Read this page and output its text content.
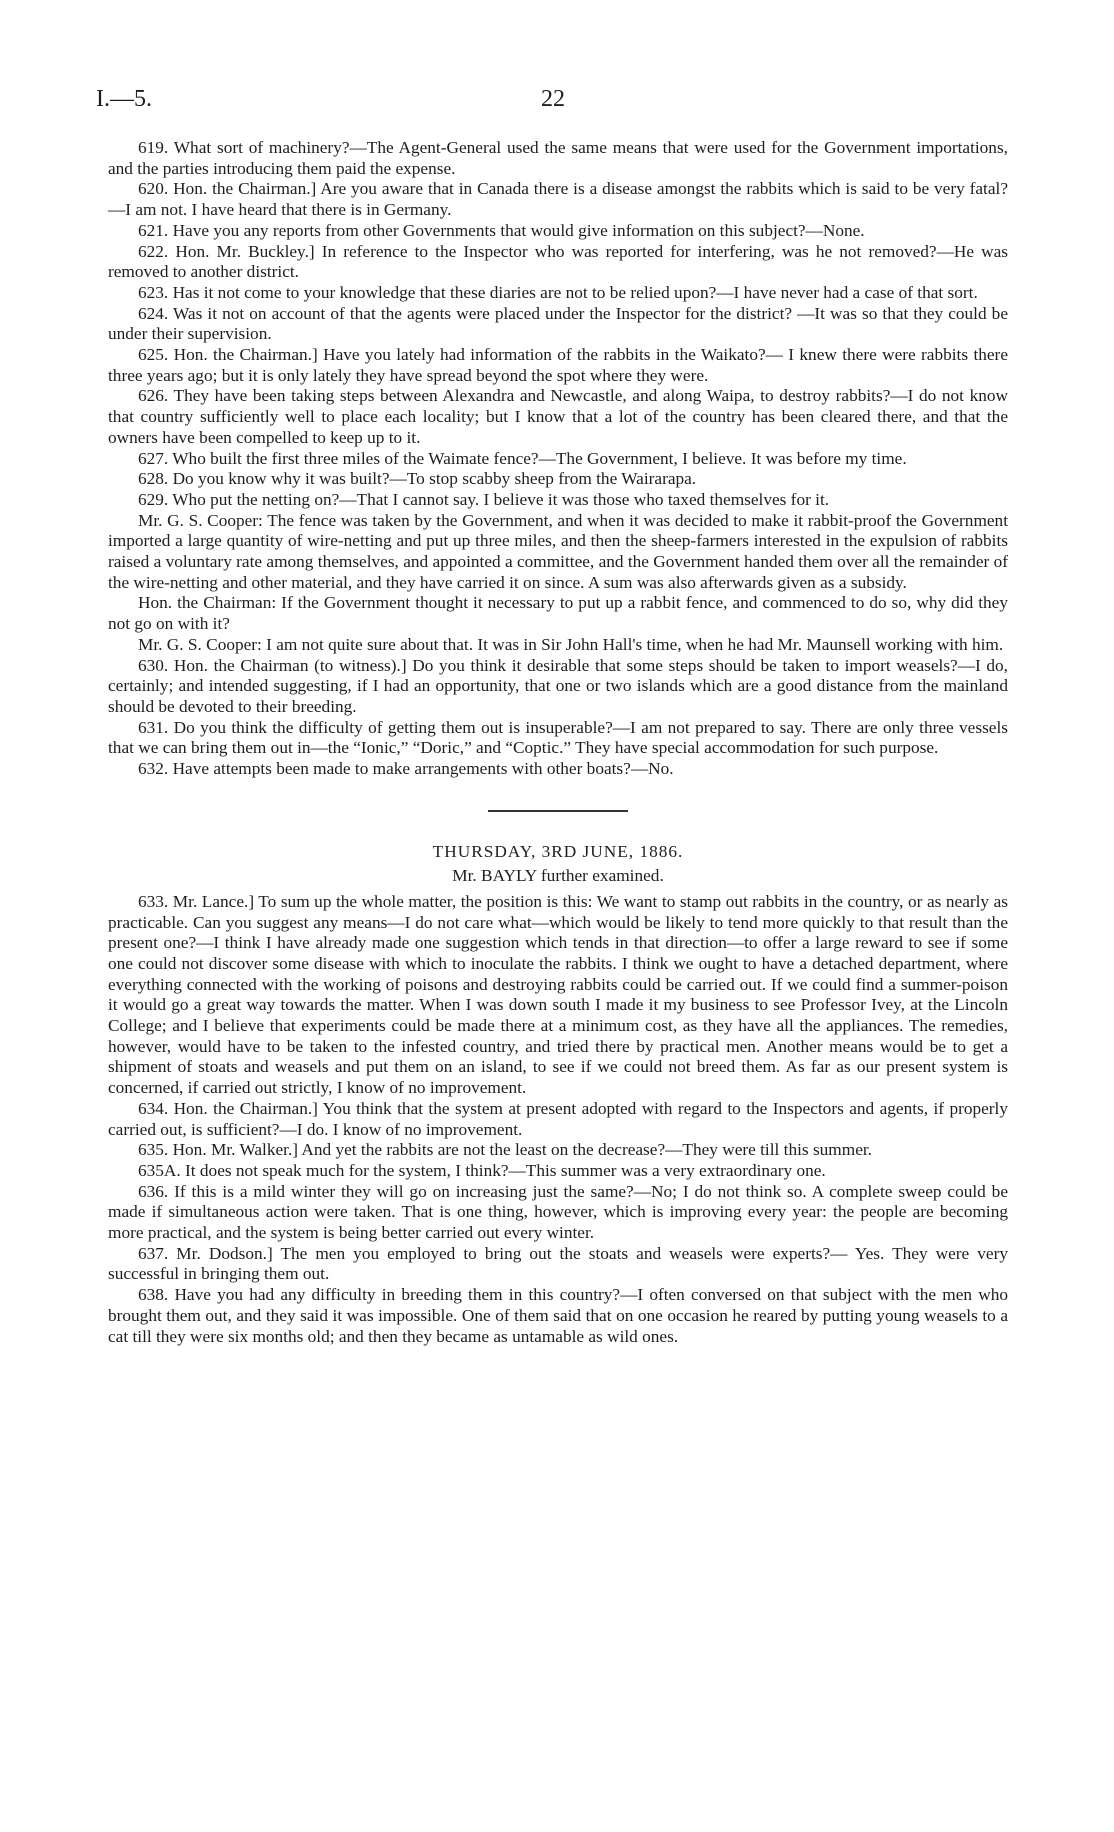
I.—5.	22

619. What sort of machinery?—The Agent-General used the same means that were used for the Government importations, and the parties introducing them paid the expense.

620. Hon. the Chairman.] Are you aware that in Canada there is a disease amongst the rabbits which is said to be very fatal?—I am not. I have heard that there is in Germany.

621. Have you any reports from other Governments that would give information on this subject?—None.

622. Hon. Mr. Buckley.] In reference to the Inspector who was reported for interfering, was he not removed?—He was removed to another district.

623. Has it not come to your knowledge that these diaries are not to be relied upon?—I have never had a case of that sort.

624. Was it not on account of that the agents were placed under the Inspector for the district? —It was so that they could be under their supervision.

625. Hon. the Chairman.] Have you lately had information of the rabbits in the Waikato?— I knew there were rabbits there three years ago; but it is only lately they have spread beyond the spot where they were.

626. They have been taking steps between Alexandra and Newcastle, and along Waipa, to destroy rabbits?—I do not know that country sufficiently well to place each locality; but I know that a lot of the country has been cleared there, and that the owners have been compelled to keep up to it.

627. Who built the first three miles of the Waimate fence?—The Government, I believe. It was before my time.

628. Do you know why it was built?—To stop scabby sheep from the Wairarapa.

629. Who put the netting on?—That I cannot say. I believe it was those who taxed themselves for it.

Mr. G. S. Cooper: The fence was taken by the Government, and when it was decided to make it rabbit-proof the Government imported a large quantity of wire-netting and put up three miles, and then the sheep-farmers interested in the expulsion of rabbits raised a voluntary rate among themselves, and appointed a committee, and the Government handed them over all the remainder of the wire-netting and other material, and they have carried it on since. A sum was also afterwards given as a subsidy.

Hon. the Chairman: If the Government thought it necessary to put up a rabbit fence, and commenced to do so, why did they not go on with it?

Mr. G. S. Cooper: I am not quite sure about that. It was in Sir John Hall's time, when he had Mr. Maunsell working with him.

630. Hon. the Chairman (to witness).] Do you think it desirable that some steps should be taken to import weasels?—I do, certainly; and intended suggesting, if I had an opportunity, that one or two islands which are a good distance from the mainland should be devoted to their breeding.

631. Do you think the difficulty of getting them out is insuperable?—I am not prepared to say. There are only three vessels that we can bring them out in—the “Ionic,” “Doric,” and “Coptic.” They have special accommodation for such purpose.

632. Have attempts been made to make arrangements with other boats?—No.

THURSDAY, 3RD JUNE, 1886.
Mr. BAYLY further examined.

633. Mr. Lance.] To sum up the whole matter, the position is this: We want to stamp out rabbits in the country, or as nearly as practicable. Can you suggest any means—I do not care what—which would be likely to tend more quickly to that result than the present one?—I think I have already made one suggestion which tends in that direction—to offer a large reward to see if some one could not discover some disease with which to inoculate the rabbits. I think we ought to have a detached department, where everything connected with the working of poisons and destroying rabbits could be carried out. If we could find a summer-poison it would go a great way towards the matter. When I was down south I made it my business to see Professor Ivey, at the Lincoln College; and I believe that experiments could be made there at a minimum cost, as they have all the appliances. The remedies, however, would have to be taken to the infested country, and tried there by practical men. Another means would be to get a shipment of stoats and weasels and put them on an island, to see if we could not breed them. As far as our present system is concerned, if carried out strictly, I know of no improvement.

634. Hon. the Chairman.] You think that the system at present adopted with regard to the Inspectors and agents, if properly carried out, is sufficient?—I do. I know of no improvement.

635. Hon. Mr. Walker.] And yet the rabbits are not the least on the decrease?—They were till this summer.

635A. It does not speak much for the system, I think?—This summer was a very extraordinary one.

636. If this is a mild winter they will go on increasing just the same?—No; I do not think so. A complete sweep could be made if simultaneous action were taken. That is one thing, however, which is improving every year: the people are becoming more practical, and the system is being better carried out every winter.

637. Mr. Dodson.] The men you employed to bring out the stoats and weasels were experts?— Yes. They were very successful in bringing them out.

638. Have you had any difficulty in breeding them in this country?—I often conversed on that subject with the men who brought them out, and they said it was impossible. One of them said that on one occasion he reared by putting young weasels to a cat till they were six months old; and then they became as untamable as wild ones.
